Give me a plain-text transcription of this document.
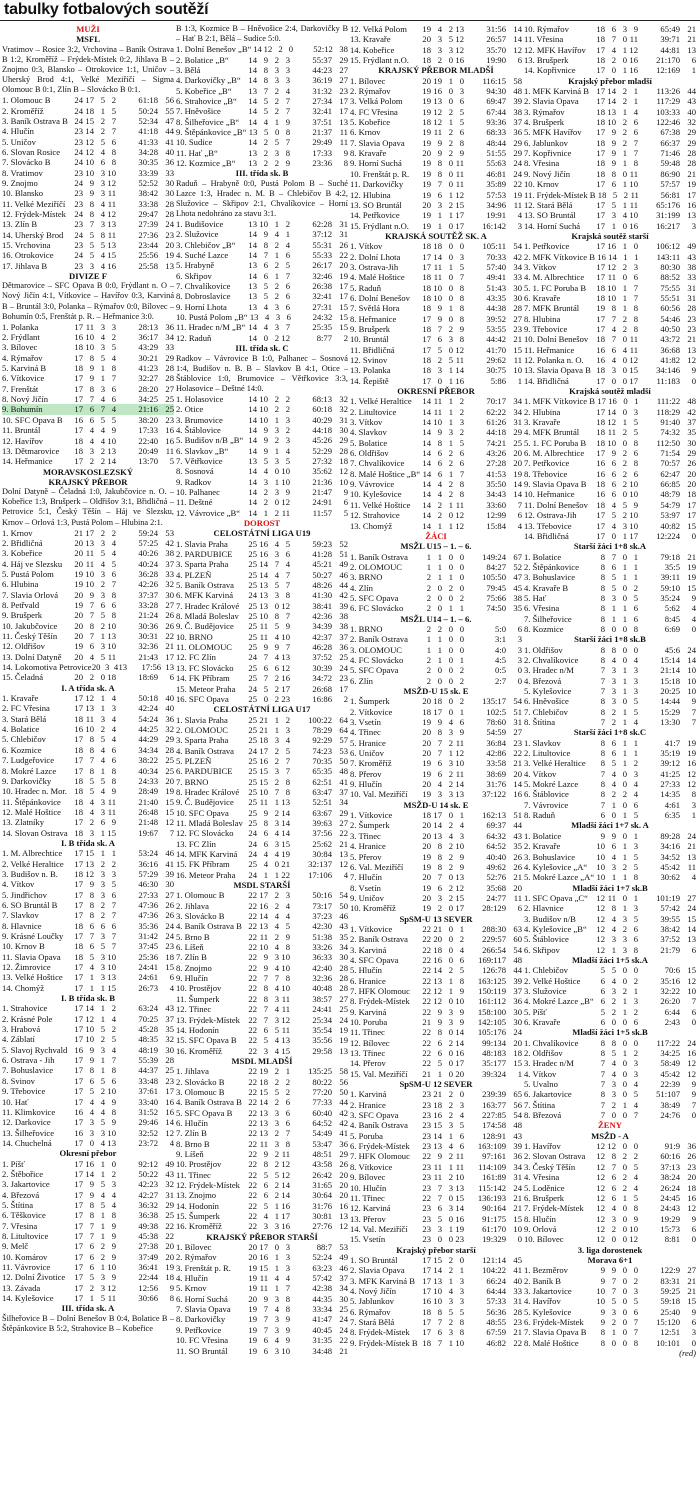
tabulky fotbalových soutěží
MUŽI
MSFL
Vratimov – Rosice 3:2, Vrchovina – Baník Ostrava B 1:2, Kroměříž – Frýdek-Místek 0:2, Jihlava B – Znojmo 0:3, Blansko – Otrokovice 1:1, Uničov – Uherský Brod 4:1, Velké Meziříčí – Sigma Olomouc B 0:1, Zlín B – Slovácko B 0:1.
1. Olomouc B	24 17 5 2	61:18 56
2. Kroměříž	24 18 1 5	50:24 55
3. Baník Ostrava B 24 15 2 7	52:34 47
4. Hlučín	23 14 2 7	41:18 44
5. Uničov	23 12 5 6	41:33 41
6. Slovan Rosice	24 12 4 8	34:28 40
7. Slovácko B	24 10 6 8	30:35 36
8. Vratimov	23 10 3 10	33:39 33
9. Znojmo	24 9 3 12	52:52 30
10. Blansko	23 9 3 11	38:42 30
11. Velké Meziříčí	23 8 4 11	33:38 28
12. Frýdek-Místek 24 8 4 12	29:47 28
13. Zlín B	23 7 3 13	27:39 24
14. Uherský Brod	24 5 8 11	27:36 23
15. Vrchovina	23 5 5 13	23:44 20
16. Otrokovice	24 5 4 15	25:56 19
17. Jihlava B	23 3 4 16	25:58 13
DIVIZE F
Dětmarovice – SFC Opava B 0:0, Frýdlant n. O – Nový Jičín 4:1, Vítkovice – Havířov 0:3, Karviná B – Bruntál 3:0, Polanka – Rýmařov 0:0, Bílovec – Bohumín 0:5, Frenštát p. R. – Heřmanice 3:0.
1. Polanka	17 11 3 3	28:13 36
2. Frýdlant	16 10 4 2	36:17 34
3. Bílovec	18 10 3 5	43:29 33
4. Rýmařov	17 8 5 4	30:21 29
5. Karviná B	18 9 1 8	41:23 28
6. Vítkovice	17 9 1 7	32:27 28
7. Frenštát	17 8 3 6	28:20 27
8. Nový Jičín	17 7 4 6	34:25 25
9. Bohumín	17 6 7 4	21:16 25
10. SFC Opava B	16 6 5 5	38:20 23
11. Bruntál	17 4 4 9	17:33 16
12. Havířov	18 4 4 10	22:40 16
13. Dětmarovice	18 3 2 13	20:49 11
14. Heřmanice	17 2 2 14	13:70	5
MORAVSKOSLEZSKÝ
KRAJSKÝ PŘEBOR
Dolní Datyně – Čeladná 1:0, Jakubčovice n. O. – Kobeřice 1:3, Brušperk – Oldřišov 3:1, Břidličná – Petrovice 5:1, Český Těšín – Háj ve Slezsku, Krnov – Orlová 1:3, Pustá Polom – Hlubina 2:1.
1. Krnov	21 17 2 2	59:24 53
2. Břidličná	20 13 3 4	57:25 42
3. Kobeřice	20 11 5 4	40:26 38
4. Háj ve Slezsku	20 11 4 5	40:24 37
5. Pustá Polom	19 10 3 6	36:28 33
6. Hlubina	19 10 2 7	42:26 32
7. Slavia Orlová	20 9 3 8	37:37 30
8. Petřvald	19 7 6 6	33:28 27
9. Brušperk	20 7 5 8	21:24 26
10. Jakubčovice	20 8 2 10	30:36 26
11. Český Těšín	20 7 1 13	30:31 22
12. Oldřišov	19 6 3 10	32:36 21
13. Dolní Datyně	20 4 5 11	21:43 17
14. Lokomotiva Petrovice 20 3 4 13	17:56 13
15. Čeladná	20 2 0 18	18:69	6
I. A třída sk. A
1. Kravaře	17 12 1 4	50:18 40
2. FC Vřesina	17 13 1 3	42:24 40
3. Stará Bělá	18 11 3 4	54:24 36
4. Bolatice	16 10 2 4	44:25 32
5. Chlebičov	17 8 5 4	44:29 29
6. Kozmice	18 8 4 6	34:34 28
7. Ludgeřovice	17 7 4 6	38:22 25
8. Mokré Lazce	17 8 1 8	40:34 25
9. Darkovičky	18 5 5 8	24:33 20
10. Hradec n. Mor. 18 5 4 9	28:49 19
11. Štěpánkovice	18 4 3 11	21:40 15
12. Malé Hoštice	18 4 3 11	26:48 15
13. Zlatníky	17 2 6 9	21:48 12
14. Slovan Ostrava 18 3 1 15	19:67	7
I. B třída sk. A
1. M. Albrechtice	17 15 1 1	53:24 46
2. Velké Heraltice	17 13 2 2	36:16 41
3. Budišov n. B.	18 12 3 3	57:29 39
4. Vítkov	17 9 3 5	46:30 30
5. Jindřichov	17 8 3 6	27:33 27
6. SO Bruntál B	17 8 2 7	47:36 26
7. Slavkov	17 8 2 7	47:36 26
8. Hlavnice	18 6 6 6	35:36 24
9. Krásné Loučky	17 7 3 7	31:42 24
10. Krnov B	18 6 5 7	37:45 23
11. Slavia Opava	18 5 3 10	25:36 18
12. Žimrovice	17 4 3 10	24:41 15
13. Velké Hoštice	17 1 3 13	24:61	6
14. Chomýž	17 1 1 15	26:73	4
I. B třída sk. B
1. Strahovice	17 14 1 2	63:24 43
2. Krásné Pole	17 12 1 4	70:25 37
3. Hrabová	17 10 5 2	45:28 35
4. Záblatí	17 10 2 5	48:35 32
5. Slavoj Rychvald 16 9 3 4	48:19 30
6. Ostrava - Jih	17 9 1 7	55:39 28
7. Bohuslavice	17 8 1 8	44:37 25
8. Svinov	17 6 5 6	33:48 23
9. Třebovice	17 5 2 10	37:61 17
10. Hať	17 4 4 9	33:40 16
11. Klimkovice	16 4 4 8	31:52 16
12. Darkovice	17 3 5 9	29:46 14
13. Šilheřovice	16 3 3 10	32:52 12
14. Chuchelná	17 0 4 13	23:72	4
Okresní přebor
1. Píšť	17 16 1 0	92:12 49
2. Štěbořice	17 14 1 2	50:22 43
3. Jakartovice	17 9 5 3	42:23 32
4. Březová	17 9 4 4	42:27 31
5. Štítina	17 8 5 4	36:32 29
6. Těškovice	17 8 1 8	36:38 25
7. Vřesina	17 7 1 9	49:38 22
8. Litultovice	17 7 1 9	45:38 22
9. Melč	17 6 2 9	27:38 20
10. Komárov	17 6 2 9	37:49 20
11. Vávrovice	17 6 1 10	36:41 19
12. Dolní Životice	17 5 3 9	22:44 18
13. Závada	17 2 3 12	12:56	9
14. Kylešovice	17 1 5 11	30:66	8
III. třída sk. A
Šilheřovice B – Dolní Benešov B 0:4, Bolatice B – Štěpánkovice B 5:2, Strahovice B – Kobeřice
B 1:3, Kozmice B – Hněvošice 2:4, Darkovičky B – Hať B 2:1, Bělá – Sudice 5:0.
1. Dolní Benešov „B“ 14 12 2 0	52:12 38
2. Bolatice „B“	14 9 2 3	55:37 29
3. Bělá	14 8 3 3	44:23 27
4. Darkovičky „B“ 14 8 3 3	36:19 27
5. Kobeřice „B“	13 7 2 4	31:32 23
6. Strahovice „B“	14 5 2 7	27:34 17
7. Hněvošice	14 5 2 7	32:41 17
8. Šilheřovice „B“	14 4 1 9	37:51 13
9. Štěpánkovice „B“ 13 5 0 8	21:37 11
10. Sudice	14 2 5 7	29:49 11
11. Hať „B“	13 2 3 8	17:33	9
12. Kozmice „B“	13 2 2 9	23:36	8
III. třída sk. B
Raduň – Hrabyně 0:0, Pustá Polom B – Suché Lazce 1:3, Hradec n. M. B – Chlebičov B 4:2, Služovice – Skřipov 2:1, Chvalíkovice – Horní Lhota nedohráno za stavu 3:1.
1. Budišovice	13 10 1 2	62:28 31
2. Služovice	14 9 4 1	37:12 31
3. Chlebičov „B“	14 8 2 4	55:31 26
4. Suché Lazce	14 7 1 6	55:33 22
5. Hrabyně	13 6 2 5	26:17 20
6. Skřipov	14 6 1 7	32:46 19
7. Chvalíkovice	13 5 2 6	26:38 17
8. Dobroslavice	13 5 2 6	32:41 17
9. Horní Lhota	13 4 3 6	27:31 15
10. Pustá Polom „B“ 13 4 3 6	24:32 15
11. Hradec n/M „B“ 14 4 3 7	25:35 15
12. Raduň	14 0 2 12	8:77	2
III. třída sk. C
Radkov – Vávrovice B 1:0, Palhanec – Sosnová 1:4, Budišov n. B. B – Slavkov B 4:1, Otice – Štáblovice 1:0, Brumovice – Větřkovice 3:3, Holasovice – Deštné 14:0.
1. Holasovice	14 10 2 2	68:13 32
2. Otice	14 10 2 2	60:18 32
3. Brumovice	14 10 1 3	40:29 31
4. Štáblovice	14 9 3 2	44:18 30
5. Budišov n/B „B“ 14 9 2 3	45:26 29
6. Slavkov „B“	14 9 1 4	52:29 28
7. Větřkovice	13 5 3 5	27:32 18
8. Sosnová	14 4 0 10	35:62 12
9. Radkov	14 3 1 10	21:36 10
10. Palhanec	14 2 3 9	21:47	9
11. Deštné	14 2 0 12	24:91	6
12. Vávrovice „B“ 14 1 2 11	11:57	5
DOROST
CELOSTÁTNÍ LIGA U19
1. Slavia Praha	25 16 4 5	59:23 52
2. PARDUBICE	25 16 3 6	41:28 51
3. Sparta Praha	25 14 7 4	45:21 49
4. PLZEŇ	25 14 4 7	50:27 46
5. Baník Ostrava	25 13 5 7	48:26 44
6. MFK Karviná	24 13 3 8	41:30 42
7. Hradec Králové	25 13 0 12	38:41 39
8. Mladá Boleslav	25 10 8 7	42:36 38
9. Č. Budějovice	25 11 5 9	34:39 38
10. BRNO	25 11 4 10	42:37 37
11. OLOMOUC	25 9 9 7	46:28 36
12. FC Zlín	24 7 4 13	37:52 25
13. FC Slovácko	25 6 6 12	30:39 24
14. FK Příbram	25 7 2 16	34:72 23
15. Meteor Praha	24 5 2 17	26:68 17
16. SFC Opava	25 0 2 23	16:86	2
CELOSTÁTNÍ LIGA U17
1. Slavia Praha	25 21 1 2	100:22 64
2. OLOMOUC	25 21 1 3	78:29 64
3. Sparta Praha	25 18 3 4	92:29 57
4. Baník Ostrava	24 17 2 5	74:23 53
5. PLZEŇ	25 16 2 7	70:35 50
6. PARDUBICE	25 15 3 7	65:35 48
7. BRNO	25 15 2 8	62:51 41
8. Hradec Králové	25 10 7 8	63:47 37
9. Č. Budějovice	25 11 1 13	52:51 34
10. SFC Opava	25 9 2 14	63:67 29
11. Mladá Boleslav 25 8 3 14	39:63 27
12. FC Slovácko	24 6 4 14	37:56 22
13. FC Zlín	24 6 3 15	25:62 21
14. MFK Karviná	24 4 4 19	30:84 13
15. FK Příbram	25 4 0 21	32:137 12
16. Meteor Praha	24 1 1 22	17:106	4
MSDL STARŠÍ
1. Olomouc B	22 17 2 3	50:16 54
2. Jihlava	22 16 2 4	73:17 50
3. Slovácko B	22 14 4 4	37:23 46
4. Baník Ostrava B 22 13 4 5	42:30 43
5. Brno B	22 11 2 9	51:38 35
6. Líšeň	22 10 4 8	33:26 34
7. Zlín B	22 9 3 10	36:33 30
8. Znojmo	22 9 4 10	42:40 28
9. Hlučín	22 7 7 8	32:36 28
10. Prostějov	22 8 4 10	40:48 28
11. Šumperk	22 8 3 11	38:57 27
12. Třinec	22 7 4 11	24:41 25
13. Frýdek-Místek 22 7 3 12	25:34 24
14. Hodonín	22 6 5 11	35:54 19
15. SFC Opava B	22 5 4 13	35:56 19
16. Kroměříž	22 3 4 15	29:58 13
MSDL MLADŠÍ
1. Jihlava	22 19 2 1	135:25 58
2. Slovácko B	22 18 2 2	80:22 56
3. Olomouc B	22 15 5 2	77:20 50
4. Baník Ostrava B 22 14 2 6	77:33 44
5. SFC Opava B	22 13 3 6	60:40 42
6. Hlučín	22 13 3 6	64:52 42
7. Zlín B	22 13 2 7	54:49 41
8. Brno B	22 11 3 8	53:47 36
9. Líšeň	22 9 2 11	48:51 29
10. Prostějov	22 8 2 12	43:58 26
11. Třinec	22 5 5 12	26:42 20
12. Frýdek-Místek 22 6 2 14	31:65 20
13. Znojmo	22 6 2 14	30:64 20
14. Hodonín	22 5 1 16	31:76 16
15. Šumperk	22 4 1 17	30:81 13
16. Kroměříž	22 3 3 16	27:76 12
KRAJSKÝ PŘEBOR STARŠÍ
1. Bílovec	20 17 0 3	88:7 53
2. Rýmařov	20 16 1 3	52:24 49
3. Frenštát p. R.	19 15 1 3	63:23 46
4. Hlučín	19 11 4 4	57:42 37
5. Krnov	19 11 1 7	42:38 34
6. Horní Suchá	20 9 3 8	44:35 30
7. Slavia Opava	19 7 4 8	33:34 25
8. Darkovičky	19 7 3 9	41:47 24
9. Petřkovice	19 7 3 9	40:45 24
10. FC Vřesina	19 6 4 9	31:35 22
11. SO Bruntál	19 6 3 10	34:48 21
12. Velká Polom	19 4 2 13	31:56 14
13. Kravaře	20 3 5 12	26:57 14
14. Kobeřice	18 3 3 12	35:70 12
15. Frýdlant n.O.	18 2 0 16	19:90	6
KRAJSKÝ PŘEBOR MLADŠÍ
1. Bílovec	20 19 1 0	116:15 58
2. Rýmařov	19 16 0 3	94:30 48
3. Velká Polom	19 13 0 6	69:47 39
4. FC Vřesina	19 12 2 5	67:44 38
5. Kobeřice	18 12 1 5	93:36 37
6. Krnov	19 11 2 6	68:33 36
7. Slavia Opava	19 9 2 8	48:44 29
8. Kravaře	20 9 2 9	51:55 29
9. Horní Suchá	19 8 0 11	55:63 24
10. Frenštát p. R.	19 8 0 11	46:81 24
11. Darkovičky	19 7 0 11	35:89 22
12. Hlubina	19 6 1 12	57:53 19
13. SO Bruntál	20 3 2 15	34:96 11
14. Petřkovice	19 1 1 17	19:91	4
15. Frýdlant n.O.	19 1 0 17	16:142	3
KRAJSKÁ SOUTĚŽ SK. A
1. Vítkov	18 18 0 0	105:11 54
2. Dolní Lhota	17 14 0 3	70:33 42
3. Ostrava-Jih	17 11 1 5	57:40 34
4. Malé Hoštice	18 11 0 7	49:41 33
5. Raduň	18 10 0 8	51:43 30
6. Dolní Benešov	18 10 0 8	43:35 30
7. Světlá Hora	18 9 1 8	44:38 28
8. Heřmanice	17 9 0 8	39:52 27
9. Brušperk	18 7 2 9	53:55 23
10. Bruntál	17 6 3 8	44:42 21
11. Břidličná	17 5 0 12	41:70 15
12. Svinov	18 2 5 11	29:62 11
13. Polanka	18 3 1 14	30:75 10
14. Řepiště	17 0 1 16	5:86	1
OKRESNÍ PŘEBOR
1. Velké Heraltice	14 11 1 2	70:17 34
2. Litultovice	14 11 1 2	62:22 34
3. Vítkov	14 10 1 3	61:26 31
4. Slavkov	14 9 3 2	44:18 29
5. Bolatice	14 8 1 5	74:21 25
6. Oldřišov	14 6 2 6	43:26 20
7. Chvalíkovice	14 6 2 6	27:28 20
8. Malé Hoštice „B“ 14 6 1 7	41:53 19
9. Vávrovice	14 4 2 8	35:50 14
10. Kylešovice	14 4 2 8	34:43 14
11. Velké Hoštice	14 2 1 11	33:60	7
12. Strahovice	14 2 0 12	12:99	6
13. Chomýž	14 1 1 12	15:84	4
ŽÁCI
MSŽL U15 – 1. – 6.
1. Baník Ostrava	1 1 0 0	149:24 67
2. OLOMOUC	1 1 0 0	84:27 52
3. BRNO	2 1 1 0	105:50 47
4. Zlín	2 0 2 0	79:45 45
5. SFC Opava	2 0 0 2	75:66 38
6. FC Slovácko	2 0 1 1	74:50 35
MSŽL U14 – 1. – 6.
1. BRNO	2 2 0 0	5:0	6
2. Baník Ostrava	1 1 0 0	3:1	3
3. OLOMOUC	1 1 0 0	4:0	3
4. FC Slovácko	2 1 0 1	4:5	3
5. SFC Opava	2 0 0 2	0:5	0
6. Zlín	2 0 0 2	2:7	0
MSŽD-U 15 sk. E
1. Šumperk	20 18 0 2	135:17 54
2. Vítkovice	18 17 0 1	102:5 51
3. Vsetín	19 9 4 6	78:60 31
4. Třinec	20 8 3 9	54:59 27
5. Hranice	20 7 2 11	36:84 23
6. Uničov	20 7 1 12	42:86 22
7. Kroměříž	19 6 3 10	33:58 21
8. Přerov	19 6 2 11	38:69 20
9. Hlučín	20 4 2 14	31:76 14
10. Val. Meziříčí	19 3 3 13	37:122 16
MSŽD-U 14 sk. E
1. Vítkovice	18 17 0 1	162:13 51
2. Šumperk	20 14 2 4	69:37 44
3. Třinec	20 13 4 3	64:32 43
4. Hranice	20 8 2 10	64:52 35
5. Přerov	19 8 2 9	40:40 26
6. Val. Meziříčí	19 8 2 9	49:62 26
7. Hlučín	20 7 0 13	52:76 21
8. Vsetín	19 6 2 12	35:68 20
9. Uničov	20 3 2 15	24:77 11
10. Kroměříž	19 2 0 17	28:129	6
SpSM-U 13 SEVER
1. Vítkovice	22 21 0 1	288:30 63
2. Baník Ostrava	22 20 0 2	229:57 60
3. Karviná	22 18 0 4	266:54 54
4. SFC Opava	22 16 0 6	169:117 48
5. Hlučín	22 14 2 5	126:78 44
6. Hranice	22 13 1 8	163:125 39
7. HFK Olomouc	22 12 1 9	150:119 37
8. Frýdek-Místek	22 12 0 10	161:112 36
9. Karviná	22 9 3 9	158:100 30
10. Poruba	21 9 3 9	142:105 30
11. Třinec	22 8 0 14	105:176 24
12. Bílovec	22 6 2 14	99:134 20
13. Třinec	22 6 0 16	48:183 18
14. Přerov	22 5 0 17	35:177 15
15. Val. Meziříčí	21 1 0 20	39:324	1
SpSM-U 12 SEVER
1. Karviná	23 21 2 0	239:39 65
2. Hranice	23 18 2 3	163:77 56
3. SFC Opava	23 16 2 4	227:85 54
4. Baník Ostrava	23 15 3 5	174:58 48
5. Poruba	23 14 1 6	128:91 43
6. Frýdek-Místek	23 13 4 6	163:109 39
7. HFK Olomouc	22 9 2 11	97:161 36
8. Vítkovice	23 11 1 11	114:109 34
9. Bílovec	23 11 2 10	161:89 31
10. Hlučín	23 7 3 13	115:142 24
11. Třinec	22 7 0 15	136:193 21
12. Karviná	23 6 3 14	90:164 21
13. Přerov	23 5 0 16	91:175 15
14. Val. Meziříčí	23 3 1 19	61:170 10
15. Vsetín	23 0 0 23	19:329	0
Krajský přebor starší
1. SO Bruntál	17 15 2 0	121:14 45
2. Slavia Opava	17 14 2 1	104:22 41
3. MFK Karviná B 17 13 1 3	66:24 40
4. Nový Jičín	17 10 4 3	64:44 33
5. Jablunkov	16 10 3 3	57:33 31
6. Rýmařov	18 8 5 5	56:36 28
7. Stará Bělá	17 7 2 8	48:55 23
8. Frýdek-Místek	17 6 3 8	67:59 21
9. Frýdek-Místek B 18 7 1 10	46:82 22
10. Rýmařov	18 6 3 9	65:49 21
11. Vřesina	18 7 0 11	39:71 21
12. MFK Havířov	17 4 1 12	44:81 13
13. Brušperk	18 2 0 16	21:170	6
14. Kopřivnice	17 0 1 16	12:169	1
Krajský přebor mladší
1. MFK Karviná B 17 14 2 1	113:26 44
2. Slavia Opava	17 14 2 1	117:29 43
3. Rýmařov	18 13 1 4	103:33 40
4. Brušperk	18 10 2 6	122:46 32
5. MFK Havířov	17 9 2 6	67:38 29
6. Jablunkov	18 9 2 7	66:37 29
7. Kopřivnice	17 9 1 7	71:46 28
8. Vřesina	18 9 1 8	59:48 28
9. Nový Jičín	18 8 0 11	86:90 21
10. Krnov	17 6 1 10	57:57 19
11. Frýdek-Místek B 18 5 2 11	56:81 17
12. Stará Bělá	17 5 1 11	65:176 16
13. SO Bruntál	17 3 4 10	31:199 13
14. Horní Suchá	17 1 0 16	16:217	3
Krajská soutěž starší
1. Petřkovice	17 16 1 0	106:12 49
2. MFK Vítkovice B 16 14 1 1	143:11 43
3. Vítkov	17 12 2 3	80:30 38
4. M. Albrechtice	17 11 0 6	88:52 33
5. 1. FC Poruba B	18 10 1 7	75:55 31
6. Kravaře	18 10 1 7	55:51 31
7. MFK Bruntál	19 8 1 8	60:56 28
8. Hlubina	17 7 2 8	54:46 23
9. Třebovice	17 4 2 8	40:50 23
10. Dolní Benešov 18 7 0 11	43:72 21
11. Heřmanice	16 6 4 11	36:68 13
12. Polanka n. O.	16 4 0 12	41:82 12
13. Slavia Opava B 18 3 0 15	34:146	9
14. Břidličná	17 0 0 17	11:183	0
Krajská soutěž mladší
1. MFK Vítkovice B 17 16 0 1	111:22 48
2. Hlubina	17 14 0 3	118:29 42
3. Kravaře	18 12 1 5	91:40 37
4. MFK Bruntál	18 11 2 5	74:32 35
5. 1. FC Poruba B	18 10 0 8	112:50 30
6. M. Albrechtice	17 9 2 6	71:54 29
7. Petřkovice	16 6 2 8	70:57 26
8. Třebovice	16 6 2 6	62:47 20
9. Slavia Opava B	18 6 2 10	66:85 20
10. Heřmanice	16 6 0 10	48:79 18
11. Dolní Benešov 18 4 5 9	54:79 17
12. Ostrava-Jih	17 5 2 10	53:97 17
13. Třebovice	17 4 3 10	40:82 15
14. Břidličná	17 0 1 17	12:224	0
Starší žáci 1+8 sk.A
1. Bolatice	8 7 0 1	79:18 21
2. Štěpánkovice	8 6 1 1	35:5 19
3. Bohuslavice	8 5 1 1	39:11 19
4. Kravaře B	8 5 0 2	59:10 15
5. Hať	8 3 0 5	35:24	9
6. Vřesina	8 1 1 6	5:62	4
7. Šilheřovice	8 1 1 6	8:45	4
8. Kozmice	8 0 0 8	6:69	0
Starší žáci 1+8 sk.B
1. Oldřišov	8 8 0 0	45:6 24
2. Chvalíkovice	8 4 0 4	15:14 14
3. Hradec n/M	7 3 1 3	21:14 10
4. Březová	7 3 1 3	15:18 10
5. Kylešovice	7 3 1 3	20:25 10
6. Hněvošice	8 3 0 5	14:44	9
7. Chlebičov	8 2 1 5	15:29	7
8. Štítina	7 2 1 4	13:30	7
Starší žáci 1+8 sk.C
1. Slavkov	8 6 1 1	41:7 19
2. Litultovice	8 6 1 1	35:19 19
3. Velké Heraltice	8 5 1 2	39:12 16
4. Vítkov	7 4 0 3	41:25 12
5. Mokré Lazce	8 4 0 4	27:33 12
6. Štáblovice	8 2 2 4	14:35	8
7. Vávrovice	7 1 0 6	4:61	3
8. Raduň	6 0 1 5	6:35	1
Mladší žáci 1+7 sk. A
1. Bolatice	9 9 0 1	89:28 24
2. Kravaře	10 6 1 3	34:16 21
3. Bohuslavice	10 4 1 5	34:52 13
4. Kylešovice „A“	10 3 2 5	45:42 11
5. Mokré Lazce „A“ 10 1 1 8	30:62	4
Mladší žáci 1+7 sk.B
1. SFC Opava „C“ 12 11 0 1	101:19 27
2. Hlavnice	12 8 1 3	57:42 24
3. Budišov n/B	12 4 3 5	39:55 15
4. Kylešovice „B“	12 4 2 6	38:42 14
5. Štáblovice	12 3 3 6	37:52 13
6. Skřipov	12 1 3 8	21:79	6
Mladší žáci 1+5 sk.A
1. Chlebičov	5 5 0 0	70:6 15
2. Velké Hoštice	6 4 0 2	35:16 12
3. Služovice	6 3 2 1	32:22 10
4. Mokré Lazce „B“ 6 2 1 3	26:20	7
5. Píšť	5 2 1 2	6:44	6
6. Kravaře	6 0 0 6	2:43	0
Mladší žáci 1+5 sk.B
1. Chvalíkovice	8 8 0 0	117:22 24
2. Oldřišov	8 5 1 2	34:25 16
3. Hradec n/M	7 4 0 3	58:49 12
4. Vítkov	7 4 0 3	45:42 12
5. Uvalno	7 3 0 4	22:39	9
6. Jakartovice	8 3 0 5	51:107	9
7. Štítina	7 2 1 4	38:49	7
8. Březová	7 0 0 7	24:76	0
ŽENY
MSŽD - A
1. Havířov	12 12 0 0	91:9 36
2. Slovan Ostrava	12 8 2 2	60:16 26
3. Český Těšín	12 7 0 5	37:13 23
4. Vřesina	12 6 2 4	38:24 20
5. Loděnice	12 6 2 4	26:24 18
6. Brušperk	12 6 1 5	24:45 16
7. Frýdek-Místek	12 4 0 8	24:43 12
8. Hlučín	12 3 0 9	19:29	9
9. Orlová	12 2 0 10	15:73	6
10. Bílovec	12 0 0 12	8:81	0
3. liga dorostenek
Morava 6+1
1. Bezměrov	9 9 0 0	122:9 27
2. Baník B	9 7 0 2	83:31 21
3. Jakartovice	10 7 0 3	59:25 21
4. Havířov	10 5 0 5	59:18 15
5. Kylešovice	9 3 0 6	25:40	9
6. Frýdek-Místek	9 2 0 7	15:120	6
7. Slavia Opava B	8 1 0 7	12:51	3
8. Malé Hoštice	8 0 0 8	10:101	0
(red)
